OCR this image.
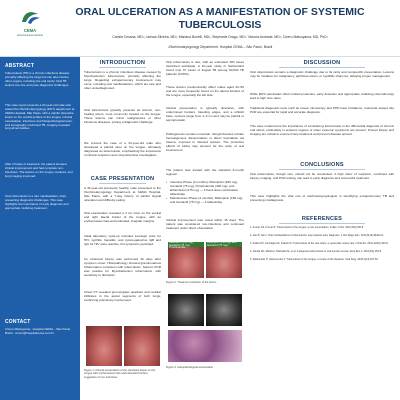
CEMA
Hospital Especializado
ORAL ULCERATION AS A MANIFESTATION OF SYSTEMIC TUBERCULOSIS
Camila Cesana, MD¹; Larissa Silveira, MD¹; Mariana Bocelli, MD¹; Stephanie Drago, MD¹; Victoria Andrade, MD¹; Cicero Matsuyama, MD, PhD¹
¹Otorhinolaryngology Department, Hospital CEMA – São Paulo, Brazil
ABSTRACT
Tuberculosis (TB) is a chronic infectious disease primarily affecting the lungs but can also involve other organs, including the oral cavity. Oral TB lesions are rare and pose diagnostic challenges.
This case report presents a 34-year-old male who visited the Otorhinolaryngology (ENT) department at CEMA Hospital, São Paulo, with a painful ulcerative lesion on the ventral surface of the tongue. Clinical examination, infectious and histopathological tests, and tomography confirmed TB, imaging revealed lung abnormalities.
After 10 days of treatment, the patient showed clinical improvement and had complete non-infectious. The lesions on the tongue resolved, and lung imaging improved.
Oral tuberculosis is a rare manifestation, often presenting diagnostic challenges. This case highlights the importance of early diagnosis and appropriate multidrug treatment.
CONTACT
Cicero Matsuyama · Hospital CEMA – São Paulo, Brazil · cicero@hospitalcema.com.br
INTRODUCTION
Tuberculosis is a chronic infectious disease caused by Mycobacterium tuberculosis, primarily affecting the lungs. Regarding extrapulmonary involvement may occur, including oral manifestations, which are rare and often underdiagnosed.
Oral tuberculosis typically presents as chronic, non-healing ulcers, most commonly located on the tongue. These lesions can mimic malignancies or other infectious diseases, posing a diagnostic challenge.
We present the case of a 34-year-old male who developed a painful ulcer on the tongue, ultimately diagnosed as tuberculosis, emphasizing the importance of clinical suspicion and comprehensive investigation.
CASE PRESENTATION
A 34-year-old previously healthy male presented to the Otorhinolaryngology Department at CEMA Hospital, São Paulo, with a 7-day history of painful lingual ulceration and difficulty eating.
Oral examination revealed a 3 cm ulcer on the ventral and right lateral border of the tongue, with an erythematous halo and indurated, irregular margins.
Initial laboratory work-up included serologic tests for HIV, syphilis, hepatitis, and cytomegalovirus IgM and IgG for HIV were reactive, but symptoms persisted.
An incisional biopsy was performed 20 days after symptom onset. Histopathology showed granulomatous inflammation consistent with tuberculosis. Sputum PCR was positive for Mycobacterium tuberculosis, with sensitivity to rifampicin.
Chest CT revealed ground-glass opacities and nodular infiltrates in the apical segments of both lungs, confirming pulmonary involvement.
Figure 1. Clinical presentation of the ulcerative lesion on the tongue with erythematous halo and indurated borders, suggestive of non-infectious.
Oral tuberculosis is rare, with an estimated 400 cases described worldwide. A 10-year study in Switzerland found only 37 cases of lingual TB among 60,000 TB patients (0.06%).
These lesions predominantly affect males aged 20–50 and are more frequently found on the lateral borders of the tongue, especially the left side.
Clinical presentation is typically ulcerative, with undermined borders, bleeding edges, and a whitish base. Lesions range from 1–3 cm and may be painful or asymptomatic.
Pathogenesis remains uncertain, though theories include hematogenous dissemination or direct inoculation via trauma, exposed to infected sputum. The protective effects of saliva may account for the rarity of oral involvement.
The patient was treated with the standard 6-month regimen:
• Intensive Phase (2 months): Rifampicin (150 mg), Isoniazid (75 mg), Pyrazinamide (400 mg), and Ethambutol (275 mg) — 4 fixed-dose combination tablets/day
• Maintenance Phase (4 months): Rifampicin (150 mg) and Isoniazid (75 mg) — 3 tablets/day
Clinical improvement was noted within 15 days. The patient was considered non-infectious and continued treatment under direct observation.
Rifampicin (150 mg), Isoniazid (75 mg), Pyrazinamide...
Rifampicin (150 mg) and Isoniazid (75 mg)...
Figure 2. Treatment evolution of the lesion.
Figure 3. Histopathological examination.
DISCUSSION
Oral tuberculosis remains a diagnostic challenge due to its rarity and nonspecific presentation. Lesions may be mistaken for malignancy, aphthous ulcers, or syphilitic chancres, delaying proper management.
While ROS vaccination offers limited protection, early detection and appropriate multidrug chemotherapy lead to high cure rates.
Traditional diagnostic tools such as smear microscopy and PPD have limitations; molecular assays like PCR are essential for rapid and accurate diagnosis.
This case underscores the importance of considering tuberculosis in the differential diagnosis of chronic oral ulcers, particularly in endemic regions or when systemic symptoms are present. Prompt biopsy and imaging are critical to ensure timely treatment and prevent disease spread.
CONCLUSIONS
Oral tuberculosis, though rare, should not be overlooked. A high index of suspicion, combined with biopsy, imaging, and PCR testing, can lead to early diagnosis and successful treatment.
This case highlights the vital role of otorhinolaryngologists in identifying extrapulmonary TB and preventing misdiagnosis.
REFERENCES
1. Kumar KS, Kumar R. Tuberculosis of the tongue: a rare presentation. Indian J Otol. 2019;25(2):96-8.
2. Jain P, Jain I. Oral manifestations of tuberculosis: step towards early diagnosis. J Clin Diagn Res. 2014;8(12):ZE18-21.
3. Kakisi OK, Kechagia AS, Kakisis IK. Tuberculosis of the oral cavity: a systematic review. Eur J Oral Sci. 2010;118(2):103-9.
4. Nanda KD, Mehta A, Marwaha M, et al. A disguised tuberculosis in oral buccal mucosa. Dent Res J. 2011;8(3):154-9.
5. Maldonado H, Vasconcelos V. Tuberculosis of the tongue: a review of the literature. Oral Surg. 2018;11(4):247-53.
